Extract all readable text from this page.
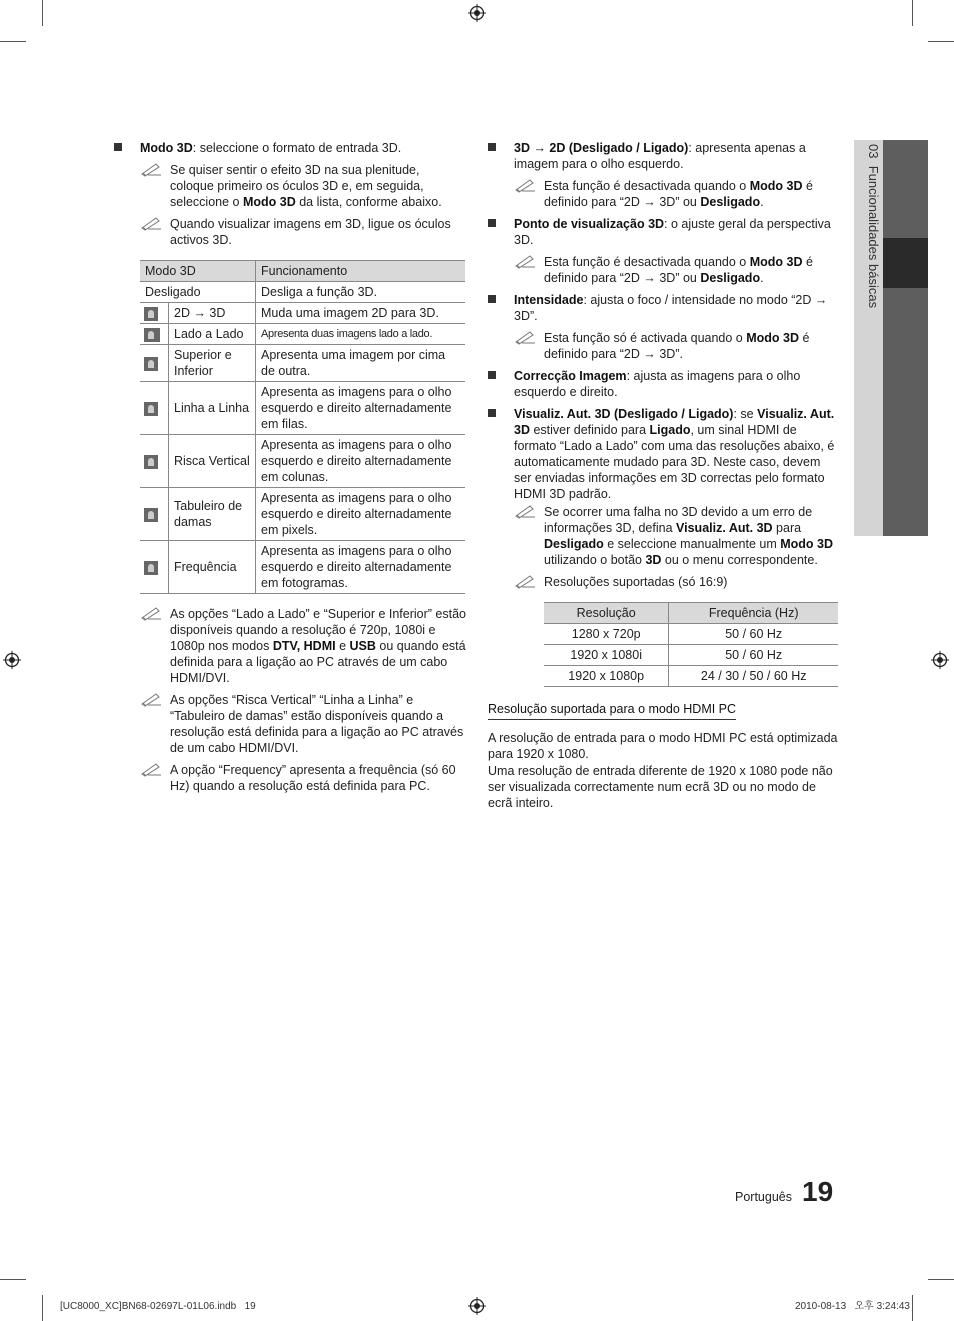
03  Funcionalidades básicas
Modo 3D: seleccione o formato de entrada 3D.
Se quiser sentir o efeito 3D na sua plenitude, coloque primeiro os óculos 3D e, em seguida, seleccione o Modo 3D da lista, conforme abaixo.
Quando visualizar imagens em 3D, ligue os óculos activos 3D.
Modo 3D		Funcionamento
Desligado		Desliga a função 3D.
	2D → 3D	Muda uma imagem 2D para 3D.
	Lado a Lado	Apresenta duas imagens lado a lado.
	Superior e Inferior	Apresenta uma imagem por cima de outra.
	Linha a Linha	Apresenta as imagens para o olho esquerdo e direito alternadamente em filas.
	Risca Vertical	Apresenta as imagens para o olho esquerdo e direito alternadamente em colunas.
	Tabuleiro de damas	Apresenta as imagens para o olho esquerdo e direito alternadamente em pixels.
	Frequência	Apresenta as imagens para o olho esquerdo e direito alternadamente em fotogramas.
As opções “Lado a Lado” e “Superior e Inferior” estão disponíveis quando a resolução é 720p, 1080i e 1080p nos modos DTV, HDMI e USB ou quando está definida para a ligação ao PC através de um cabo HDMI/DVI.
As opções “Risca Vertical” “Linha a Linha” e “Tabuleiro de damas” estão disponíveis quando a resolução está definida para a ligação ao PC através de um cabo HDMI/DVI.
A opção “Frequency” apresenta a frequência (só 60 Hz) quando a resolução está definida para PC.
3D → 2D (Desligado / Ligado): apresenta apenas a imagem para o olho esquerdo.
Esta função é desactivada quando o Modo 3D é definido para “2D → 3D” ou Desligado.
Ponto de visualização 3D: o ajuste geral da perspectiva 3D.
Esta função é desactivada quando o Modo 3D é definido para “2D → 3D” ou Desligado.
Intensidade: ajusta o foco / intensidade no modo “2D → 3D”.
Esta função só é activada quando o Modo 3D é definido para “2D → 3D”.
Correcção Imagem: ajusta as imagens para o olho esquerdo e direito.
Visualiz. Aut. 3D (Desligado / Ligado): se Visualiz. Aut. 3D estiver definido para Ligado, um sinal HDMI de formato “Lado a Lado” com uma das resoluções abaixo, é automaticamente mudado para 3D. Neste caso, devem ser enviadas informações em 3D correctas pelo formato HDMI 3D padrão.
Se ocorrer uma falha no 3D devido a um erro de informações 3D, defina Visualiz. Aut. 3D para Desligado e seleccione manualmente um Modo 3D utilizando o botão 3D ou o menu correspondente.
Resoluções suportadas (só 16:9)
Resolução	Frequência (Hz)
1280 x 720p	50 / 60 Hz
1920 x 1080i	50 / 60 Hz
1920 x 1080p	24 / 30 / 50 / 60 Hz
Resolução suportada para o modo HDMI PC
A resolução de entrada para o modo HDMI PC está optimizada para 1920 x 1080.
Uma resolução de entrada diferente de 1920 x 1080 pode não ser visualizada correctamente num ecrã 3D ou no modo de ecrã inteiro.
Português 19
[UC8000_XC]BN68-02697L-01L06.indb   19	2010-08-13   오후 3:24:43
